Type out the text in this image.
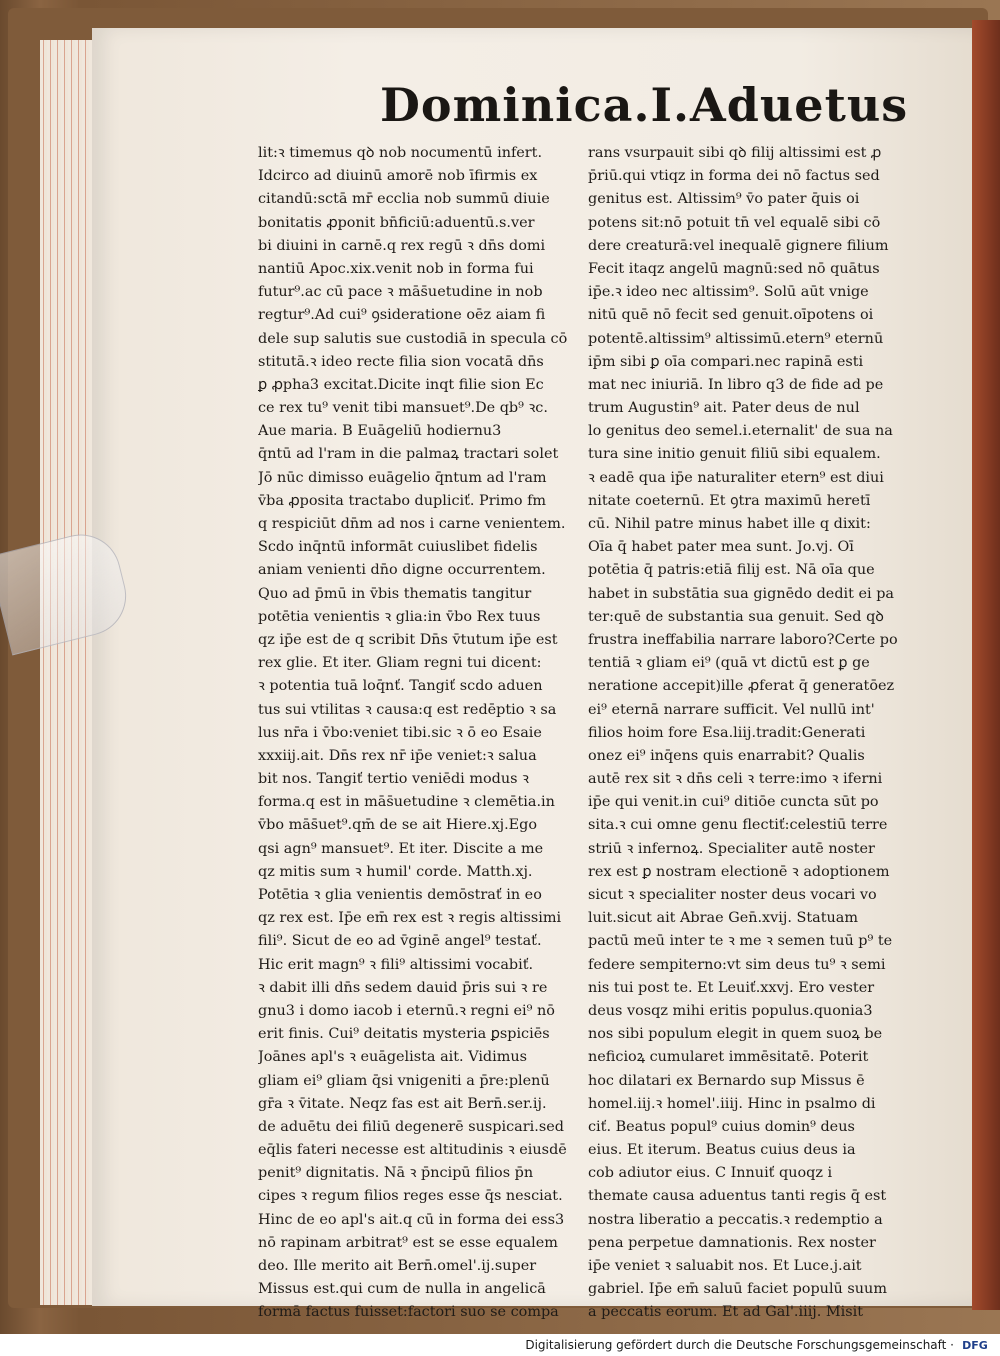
Dominica.I.Aduetus
lit:ꝛ timemus qꝺ nob nocumentū infert.
Idcirco ad diuinū amorē nob īfirmis ex
citandū:sctā mr̄ ecclia nob summū diuie
bonitatis ꝓponit bn̄ficiū:aduentū.s.ver
bi diuini in carnē.q rex regū ꝛ dn̄s domi
nantiū Apoc.xix.venit nob in forma fui
futur⁹.ac cū pace ꝛ mās̄uetudine in nob
regtur⁹.Ad cui⁹ ꝯsideratione oēz aiam fi
dele sup salutis sue custodiā in specula cō
stitutā.ꝛ ideo recte filia sion vocatā dn̄s
ꝑ ꝓpha3 excitat.Dicite inqt filie sion Ec
ce rex tu⁹ venit tibi mansuet⁹.De qb⁹ ꝛc.
Aue maria. B Euāgeliū hodiernu3
q̄ntū ad l'ram in die palmaꝝ tractari solet
Jō nūc dimisso euāgelio q̄ntum ad l'ram
v̄ba ꝓposita tractabo dupliciť. Primo fm
q respiciūt dn̄m ad nos i carne venientem.
Scdo inq̄ntū informāt cuiuslibet fidelis
aniam venienti dn̄o digne occurrentem.
Quo ad p̄mū in v̄bis thematis tangitur
potētia venientis ꝛ glia:in v̄bo Rex tuus
qz ip̄e est de q scribit Dn̄s v̄tutum ip̄e est
rex glie. Et iter. Gliam regni tui dicent:
ꝛ potentia tuā loq̄nť. Tangiť scdo aduen
tus sui vtilitas ꝛ causa:q est redēptio ꝛ sa
lus nr̄a i v̄bo:veniet tibi.sic ꝛ ō eo Esaie
xxxiij.ait. Dn̄s rex nr̄ ip̄e veniet:ꝛ salua
bit nos. Tangiť tertio veniēdi modus ꝛ
forma.q est in mās̄uetudine ꝛ clemētia.in
v̄bo mās̄uet⁹.qm̄ de se ait Hiere.xj.Ego
qsi agn⁹ mansuet⁹. Et iter. Discite a me
qz mitis sum ꝛ humil' corde. Matth.xj.
Potētia ꝛ glia venientis demōstrať in eo
qz rex est. Ip̄e em̄ rex est ꝛ regis altissimi
fili⁹. Sicut de eo ad v̄ginē angel⁹ testať.
Hic erit magn⁹ ꝛ fili⁹ altissimi vocabiť.
ꝛ dabit illi dn̄s sedem dauid p̄ris sui ꝛ re
gnu3 i domo iacob i eternū.ꝛ regni ei⁹ nō
erit finis. Cui⁹ deitatis mysteria ꝑspiciēs
Joānes apl's ꝛ euāgelista ait. Vidimus
gliam ei⁹ gliam q̄si vnigeniti a p̄re:plenū
gr̄a ꝛ v̄itate. Neqz fas est ait Bern̄.ser.ij.
de aduētu dei filiū degenerē suspicari.sed
eq̄lis fateri necesse est altitudinis ꝛ eiusdē
penit⁹ dignitatis. Nā ꝛ p̄ncipū filios p̄n
cipes ꝛ regum filios reges esse q̄s nesciat.
Hinc de eo apl's ait.q cū in forma dei ess3
nō rapinam arbitrat⁹ est se esse equalem
deo. Ille merito ait Bern̄.omel'.ij.super
Missus est.qui cum de nulla in angelicā
formā factus fuisset:factori suo se compa
rans vsurpauit sibi qꝺ filij altissimi est ꝓ
p̄riū.qui vtiqz in forma dei nō factus sed
genitus est. Altissim⁹ v̄o pater q̄uis oi
potens sit:nō potuit tn̄ vel equalē sibi cō
dere creaturā:vel inequalē gignere filium
Fecit itaqz angelū magnū:sed nō quātus
ip̄e.ꝛ ideo nec altissim⁹. Solū aūt vnige
nitū quē nō fecit sed genuit.oīpotens oi
potentē.altissim⁹ altissimū.etern⁹ eternū
ip̄m sibi ꝑ oīa compari.nec rapinā esti
mat nec iniuriā. In libro q3 de fide ad pe
trum Augustin⁹ ait. Pater deus de nul
lo genitus deo semel.i.eternalit' de sua na
tura sine initio genuit filiū sibi equalem.
ꝛ eadē qua ip̄e naturaliter etern⁹ est diui
nitate coeternū. Et ꝯtra maximū heretī
cū. Nihil patre minus habet ille q dixit:
Oīa q̄ habet pater mea sunt. Jo.vj. Oī
potētia q̄ patris:etiā filij est. Nā oīa que
habet in substātia sua gignēdo dedit ei pa
ter:quē de substantia sua genuit. Sed qꝺ
frustra ineffabilia narrare laboro?Certe po
tentiā ꝛ gliam ei⁹ (quā vt dictū est ꝑ ge
neratione accepit)ille ꝓferat q̄ generatōez
ei⁹ eternā narrare sufficit. Vel nullū int'
filios hoim fore Esa.liij.tradit:Generati
onez ei⁹ inq̄ens quis enarrabit? Qualis
autē rex sit ꝛ dn̄s celi ꝛ terre:imo ꝛ iferni
ip̄e qui venit.in cui⁹ ditiōe cuncta sūt po
sita.ꝛ cui omne genu flectiť:celestiū terre
striū ꝛ infernoꝝ. Specialiter autē noster
rex est ꝑ nostram electionē ꝛ adoptionem
sicut ꝛ specialiter noster deus vocari vo
luit.sicut ait Abrae Gen̄.xvij. Statuam
pactū meū inter te ꝛ me ꝛ semen tuū p⁹ te
federe sempiterno:vt sim deus tu⁹ ꝛ semi
nis tui post te. Et Leuiť.xxvj. Ero vester
deus vosqz mihi eritis populus.quonia3
nos sibi populum elegit in quem suoꝝ be
neficioꝝ cumularet immēsitatē. Poterit
hoc dilatari ex Bernardo sup Missus ē
homel.iij.ꝛ homel'.iiij. Hinc in psalmo di
ciť. Beatus popul⁹ cuius domin⁹ deus
eius. Et iterum. Beatus cuius deus ia
cob adiutor eius. C Innuiť quoqz i
themate causa aduentus tanti regis q̄ est
nostra liberatio a peccatis.ꝛ redemptio a
pena perpetue damnationis. Rex noster
ip̄e veniet ꝛ saluabit nos. Et Luce.j.ait
gabriel. Ip̄e em̄ saluū faciet populū suum
a peccatis eorum. Et ad Gal'.iiij. Misit
Digitalisierung gefördert durch die Deutsche Forschungsgemeinschaft · DFG
